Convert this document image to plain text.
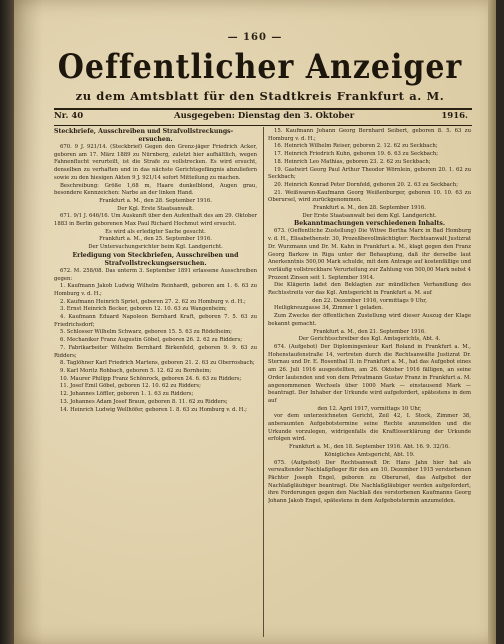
— 160 —
Oeffentlicher Anzeiger
zu dem Amtsblatt für den Stadtkreis Frankfurt a. M.
Nr. 40	Ausgegeben: Dienstag den 3. Oktober	1916.

Steckbriefe, Ausschreiben und Strafvollstreckungs-

ersuchen.

670. 9 J. 921/14. (Steckbrief) Gegen den Grenz-jäger Friedrich Acker, geboren am 17. März 1889 zu Nürnberg, zuletzt hier aufhältlich, wegen Fahnenflucht verurteilt, ist die Strafe zu vollstrecken. Es wird ersucht, denselben zu verhaften und in das nächste Gerichtsgefängnis abzuliefern sowie zu den hiesigen Akten 9 J. 921/14 sofort Mitteilung zu machen.

Beschreibung: Größe 1,68 m, Haare dunkelblond, Augen grau, besondere Kennzeichen: Narbe an der linken Hand.

Frankfurt a. M., den 28. September 1916.

Der Kgl. Erste Staatsanwalt.

671. 9/1 J. 646/16. Um Auskunft über den Aufenthalt des am 29. Oktober 1883 in Berlin geborenen Max Paul Richard Hochmut wird ersucht.

Es wird als erledigter Sache gesucht.

Frankfurt a. M., den 25. September 1916.

Der Untersuchungsrichter beim Kgl. Landgericht.

Erledigung von Steckbriefen, Ausschreiben und Strafvollstreckungsersuchen.

672. M. 258/08. Das unterm 3. September 1891 erlassene Ausschreiben gegen:

1. Kaufmann Jakob Ludwig Wilhelm Reinhardt, geboren am 1. 6. 63 zu Homburg v. d. H.;

2. Kaufmann Heinrich Spriet, geboren 27. 2. 62 zu Homburg v. d. H.;

3. Ernst Heinrich Becker, geboren 12. 10. 63 zu Wangenheim;

4. Kaufmann Eduard Napoleon Bernhard Kraft, geboren 7. 5. 63 zu Friedrichsdorf;

5. Schlosser Wilhelm Schwarz, geboren 15. 5. 63 zu Rödelheim;

6. Mechaniker Franz Augustin Göbel, geboren 26. 2. 62 zu Ridders;

7. Fabrikarbeiter Wilhelm Bernhard Birkenfeld, geboren 9. 9. 63 zu Ridders;

8. Taglöhner Karl Friedrich Martens, geboren 21. 2. 63 zu Oberrosbach;

9. Karl Moritz Rohbach, geboren 5. 12. 62 zu Bornheim;

10. Maurer Philipp Franz Schönrock, geboren 24. 6. 63 zu Ridders;

11. Josef Emil Göbel, geboren 12. 10. 62 zu Ridders;

12. Johannes Löffler, geboren 1. 1. 63 zu Ridders;

13. Johannes Adam Josef Braun, geboren 8. 11. 62 zu Ridders;

14. Heinrich Ludwig Wellhöfer, geboren 1. 8. 63 zu Homburg v. d. H.;

15. Kaufmann Johann Georg Bernhard Seibert, geboren 8. 5. 63 zu Homburg v. d. H.;

16. Heinrich Wilhelm Reiser, geboren 2. 12. 62 zu Seckbach;

17. Heinrich Friedrich Kuhn, geboren 19. 6. 63 zu Seckbach;

18. Heinrich Leo Mathias, geboren 23. 2. 62 zu Seckbach;

19. Gastwirt Georg Paul Arthur Theodor Wörnlein, geboren 20. 1. 62 zu Seckbach;

20. Heinrich Konrad Peter Dornfeld, geboren 20. 2. 63 zu Seckbach;

21. Weißwaren-Kaufmann Georg Weißenburger, geboren 10. 10. 63 zu Oberursel, wird zurückgenommen.

Frankfurt a. M., den 28. September 1916.

Der Erste Staatsanwalt bei dem Kgl. Landgericht.

Bekanntmachungen verschiedenen Inhalts.

673. (Oeffentliche Zustellung) Die Witwe Bertha Marx in Bad Homburg v. d. H., Elisabethenstr. 30, Prozeßbevollmächtigter: Rechtsanwalt Justizrat Dr. Wurzmann und Dr. M. Kahn in Frankfurt a. M., klagt gegen den Franz Georg Barkow in Riga unter der Behauptung, daß ihr derselbe laut Anerkenntnis 500,00 Mark schulde, mit dem Antrage auf kostenfällige und vorläufig vollstreckbare Verurteilung zur Zahlung von 500,00 Mark nebst 4 Prozent Zinsen seit 1. September 1914.

Die Klägerin ladet den Beklagten zur mündlichen Verhandlung des Rechtsstreits vor das Kgl. Amtsgericht in Frankfurt a. M. auf

den 22. Dezember 1916, vormittags 9 Uhr,

Heiligkreuzgasse 34, Zimmer 1 geladen.

Zum Zwecke der öffentlichen Zustellung wird dieser Auszug der Klage bekannt gemacht.

Frankfurt a. M., den 21. September 1916.

Der Gerichtsschreiber des Kgl. Amtsgerichts, Abt. 4.

674. (Aufgebot) Der Diplomingenieur Karl Roland in Frankfurt a. M., Hohenstaufenstraße 14, vertreten durch die Rechtsanwälte Justizrat Dr. Sternau und Dr. E. Rosenthal II. in Frankfurt a. M., hat das Aufgebot eines am 26. Juli 1916 ausgestellten, am 26. Oktober 1916 fälligen, an seine Order lautenden und von dem Privatmann Gustav Franz in Frankfurt a. M. angenommenen Wechsels über 1000 Mark — einstausend Mark — beantragt. Der Inhaber der Urkunde wird aufgefordert, spätestens in dem auf

den 12. April 1917, vormittags 10 Uhr,

vor dem unterzeichneten Gericht, Zeil 42, I. Stock, Zimmer 38, anberaumten Aufgebotstermine seine Rechte anzumelden und die Urkunde vorzulegen, widrigenfalls die Kraftloserklärung der Urkunde erfolgen wird.

Frankfurt a. M., den 18. September 1916. Abt. 16. 9. 32/16.

Königliches Amtsgericht, Abt. 19.

675. (Aufgebot) Der Rechtsanwalt Dr. Hans Jahn hier hat als verwaltender Nachlaßpfleger für den am 10. Dezember 1915 verstorbenen Pächter Joseph Engel, geboren zu Oberursel, das Aufgebot der Nachlaßgläubiger beantragt. Die Nachlaßgläubiger werden aufgefordert, ihre Forderungen gegen den Nachlaß des verstorbenen Kaufmanns Georg Johann Jakob Engel, spätestens in dem Aufgebotstermin anzumelden.
